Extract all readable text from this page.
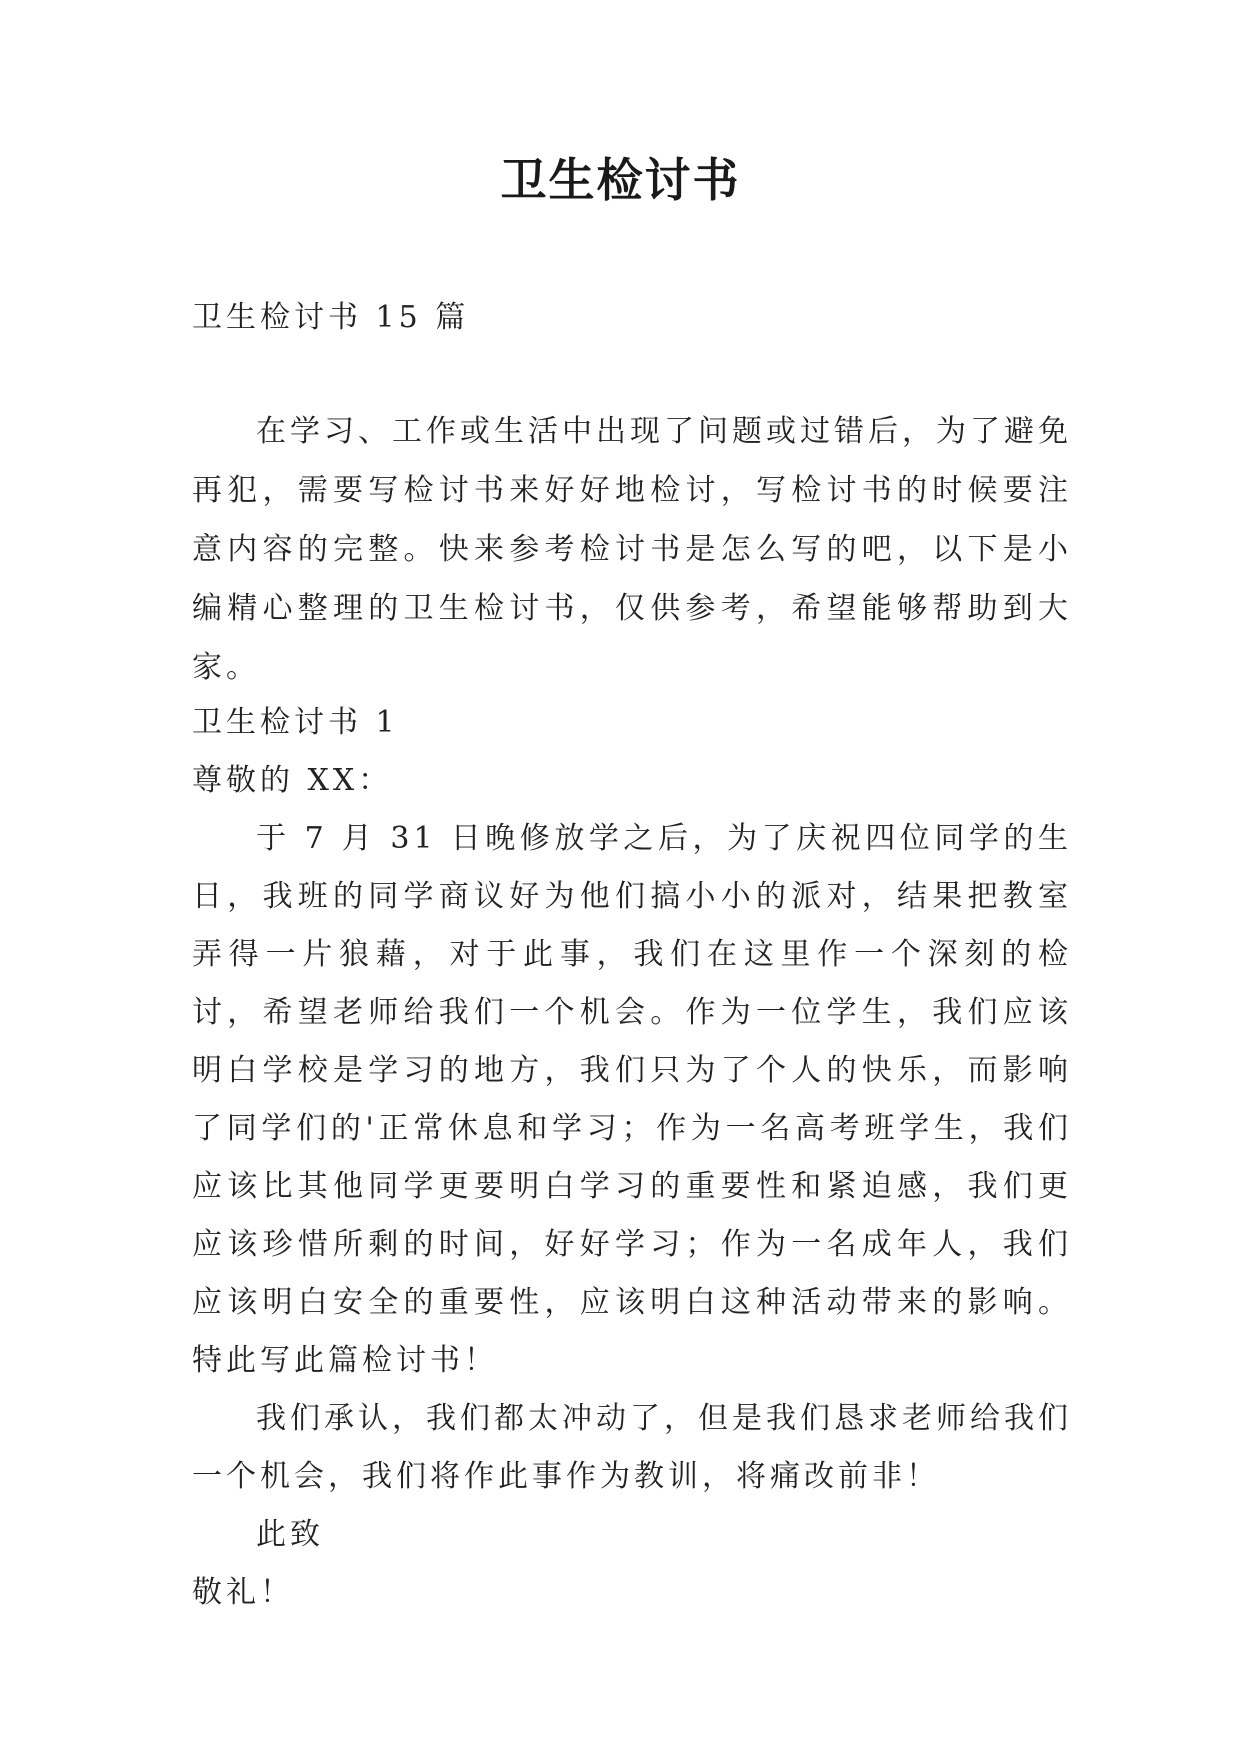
卫生检讨书

卫生检讨书 15 篇

在学习、工作或生活中出现了问题或过错后，为了避免再犯，需要写检讨书来好好地检讨，写检讨书的时候要注意内容的完整。快来参考检讨书是怎么写的吧，以下是小编精心整理的卫生检讨书，仅供参考，希望能够帮助到大家。

卫生检讨书 1

尊敬的 XX：

于 7 月 31 日晚修放学之后，为了庆祝四位同学的生日，我班的同学商议好为他们搞小小的派对，结果把教室弄得一片狼藉，对于此事，我们在这里作一个深刻的检讨，希望老师给我们一个机会。作为一位学生，我们应该明白学校是学习的地方，我们只为了个人的快乐，而影响了同学们的'正常休息和学习；作为一名高考班学生，我们应该比其他同学更要明白学习的重要性和紧迫感，我们更应该珍惜所剩的时间，好好学习；作为一名成年人，我们应该明白安全的重要性，应该明白这种活动带来的影响。特此写此篇检讨书！

我们承认，我们都太冲动了，但是我们恳求老师给我们一个机会，我们将作此事作为教训，将痛改前非！

此致

敬礼！
